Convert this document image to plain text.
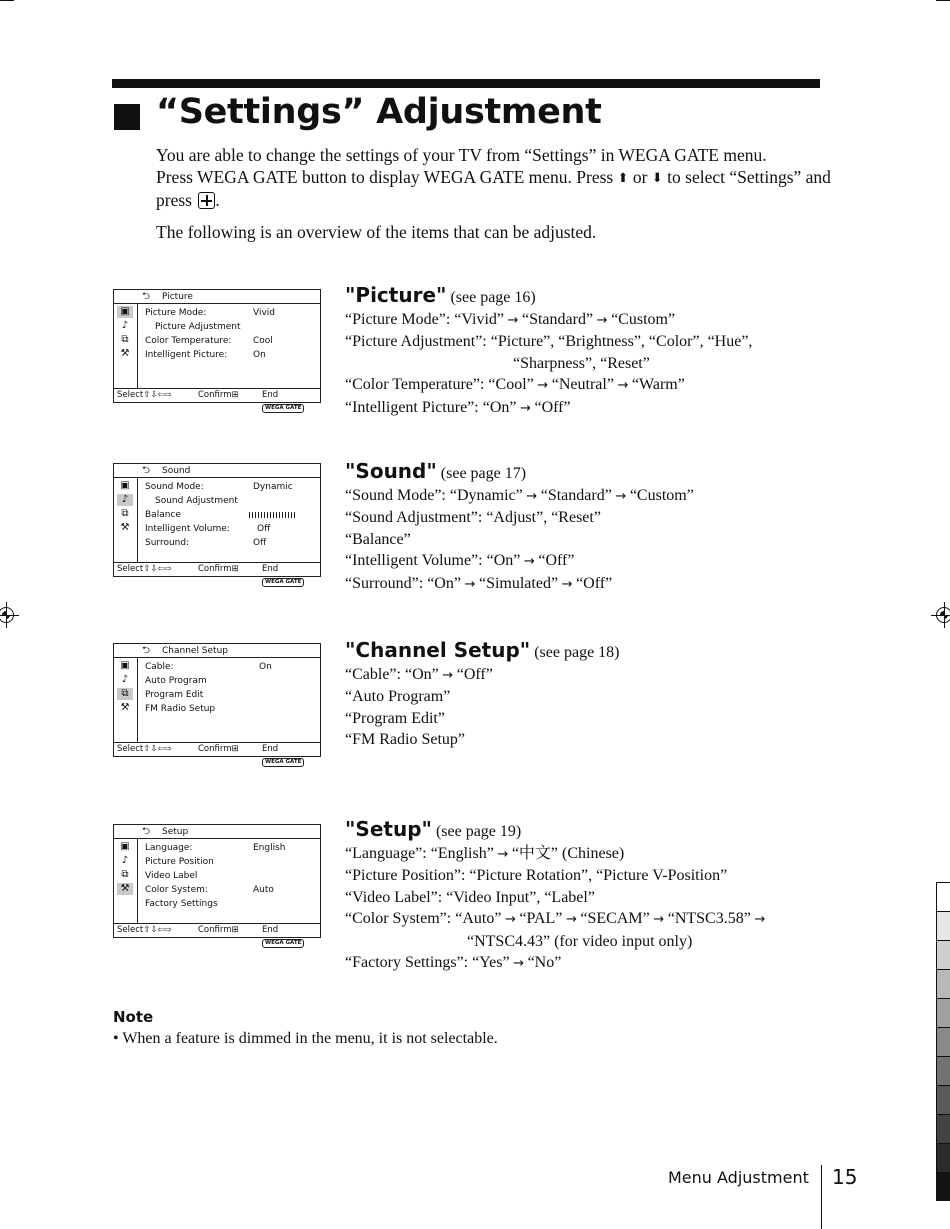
“Settings” Adjustment

You are able to change the settings of your TV from “Settings” in WEGA GATE menu.

Press WEGA GATE button to display WEGA GATE menu. Press ⬆ or ⬇ to select “Settings” and press .

The following is an overview of the items that can be adjusted.

⮌ Picture
▣
♪
⧉
⚒
Picture Mode:	Vivid
Picture Adjustment
Color Temperature: Cool
Intelligent Picture:	On
Select⇧⇩⇦⇨	Confirm⊞	EndWEGA GATE
"Picture" (see page 16)
“Picture Mode”: “Vivid” → “Standard” → “Custom”
“Picture Adjustment”: “Picture”, “Brightness”, “Color”, “Hue”,
“Sharpness”, “Reset”
“Color Temperature”: “Cool” → “Neutral” → “Warm”
“Intelligent Picture”: “On” → “Off”
⮌ Sound
▣
♪
⧉
⚒
Sound Mode:	Dynamic
Sound Adjustment
Balance
Intelligent Volume:	Off
Surround:	Off
Select⇧⇩⇦⇨	Confirm⊞	EndWEGA GATE
"Sound" (see page 17)
“Sound Mode”: “Dynamic” → “Standard” → “Custom”
“Sound Adjustment”: “Adjust”, “Reset”
“Balance”
“Intelligent Volume”: “On” → “Off”
“Surround”: “On” → “Simulated” → “Off”
⮌ Channel Setup
▣
♪
⧉
⚒
Cable:	On
Auto Program
Program Edit
FM Radio Setup
Select⇧⇩⇦⇨	Confirm⊞	EndWEGA GATE
"Channel Setup" (see page 18)
“Cable”: “On” → “Off”
“Auto Program”
“Program Edit”
“FM Radio Setup”
⮌ Setup
▣
♪
⧉
⚒
Language:	English
Picture Position
Video Label
Color System:	Auto
Factory Settings
Select⇧⇩⇦⇨	Confirm⊞	EndWEGA GATE
"Setup" (see page 19)
“Language”: “English” → “中文” (Chinese)
“Picture Position”: “Picture Rotation”, “Picture V-Position”
“Video Label”: “Video Input”, “Label”
“Color System”: “Auto” → “PAL” → “SECAM” → “NTSC3.58” →
“NTSC4.43” (for video input only)
“Factory Settings”: “Yes” → “No”
Note
• When a feature is dimmed in the menu, it is not selectable.
Menu Adjustment 15
